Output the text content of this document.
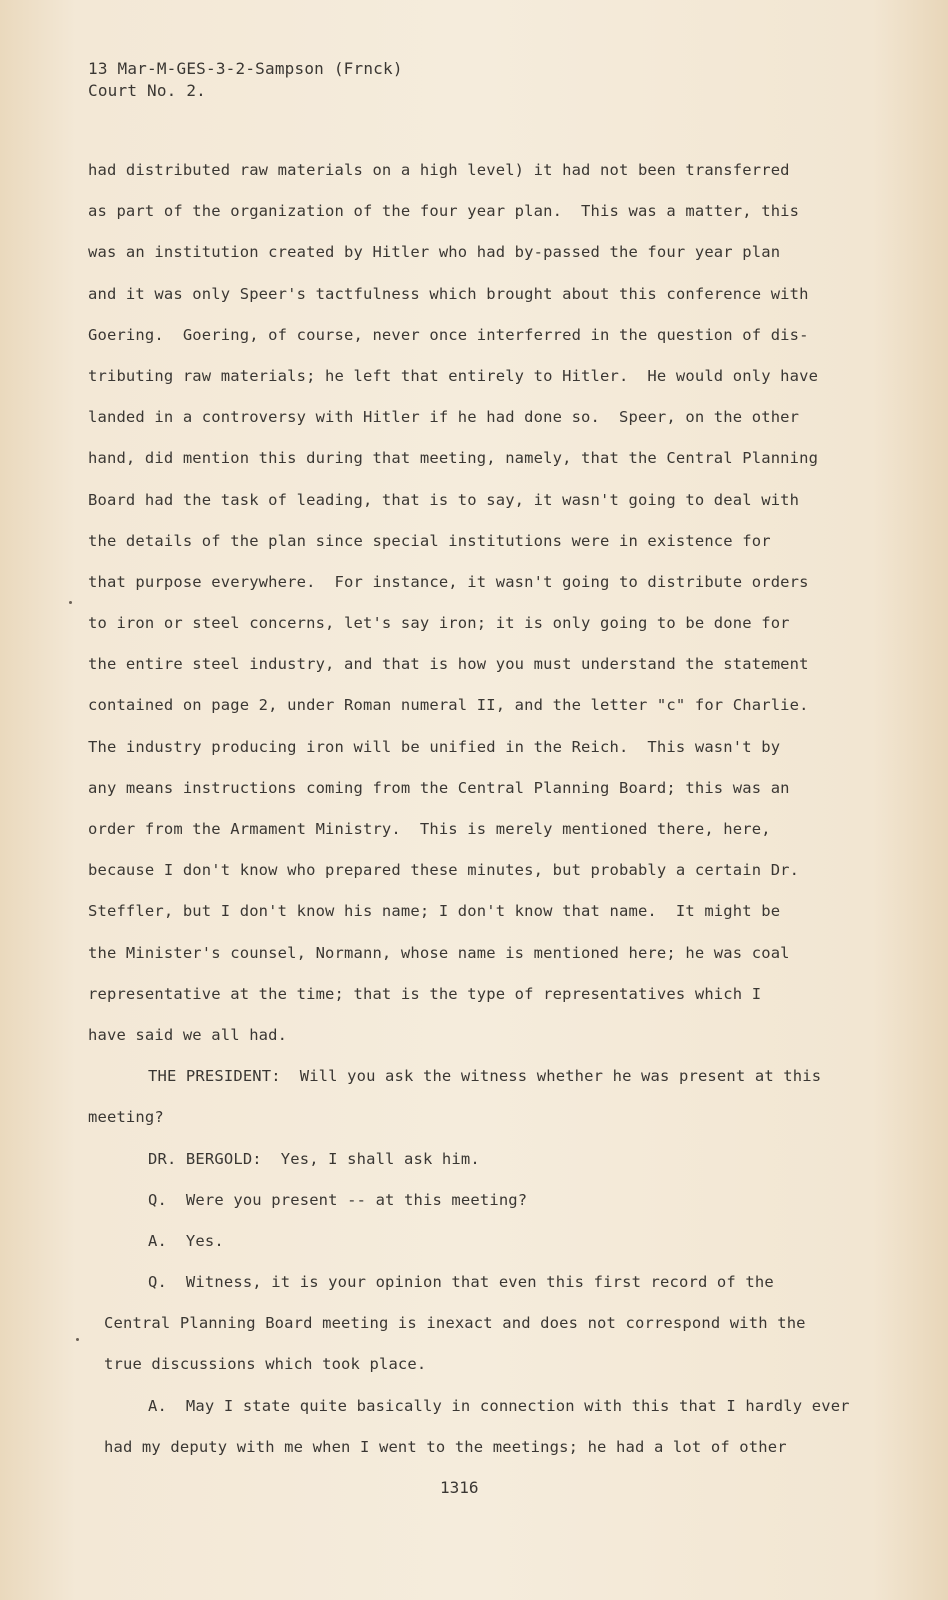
13 Mar-M-GES-3-2-Sampson (Frnck)
Court No. 2.
had distributed raw materials on a high level) it had not been transferred
as part of the organization of the four year plan.  This was a matter, this
was an institution created by Hitler who had by-passed the four year plan
and it was only Speer's tactfulness which brought about this conference with
Goering.  Goering, of course, never once interferred in the question of dis-
tributing raw materials; he left that entirely to Hitler.  He would only have
landed in a controversy with Hitler if he had done so.  Speer, on the other
hand, did mention this during that meeting, namely, that the Central Planning
Board had the task of leading, that is to say, it wasn't going to deal with
the details of the plan since special institutions were in existence for
that purpose everywhere.  For instance, it wasn't going to distribute orders
to iron or steel concerns, let's say iron; it is only going to be done for
the entire steel industry, and that is how you must understand the statement
contained on page 2, under Roman numeral II, and the letter "c" for Charlie.
The industry producing iron will be unified in the Reich.  This wasn't by
any means instructions coming from the Central Planning Board; this was an
order from the Armament Ministry.  This is merely mentioned there, here,
because I don't know who prepared these minutes, but probably a certain Dr.
Steffler, but I don't know his name; I don't know that name.  It might be
the Minister's counsel, Normann, whose name is mentioned here; he was coal
representative at the time; that is the type of representatives which I
have said we all had.
THE PRESIDENT:  Will you ask the witness whether he was present at this
meeting?
DR. BERGOLD:  Yes, I shall ask him.
Q.  Were you present -- at this meeting?
A.  Yes.
Q.  Witness, it is your opinion that even this first record of the
Central Planning Board meeting is inexact and does not correspond with the
true discussions which took place.
A.  May I state quite basically in connection with this that I hardly ever
had my deputy with me when I went to the meetings; he had a lot of other
1316
